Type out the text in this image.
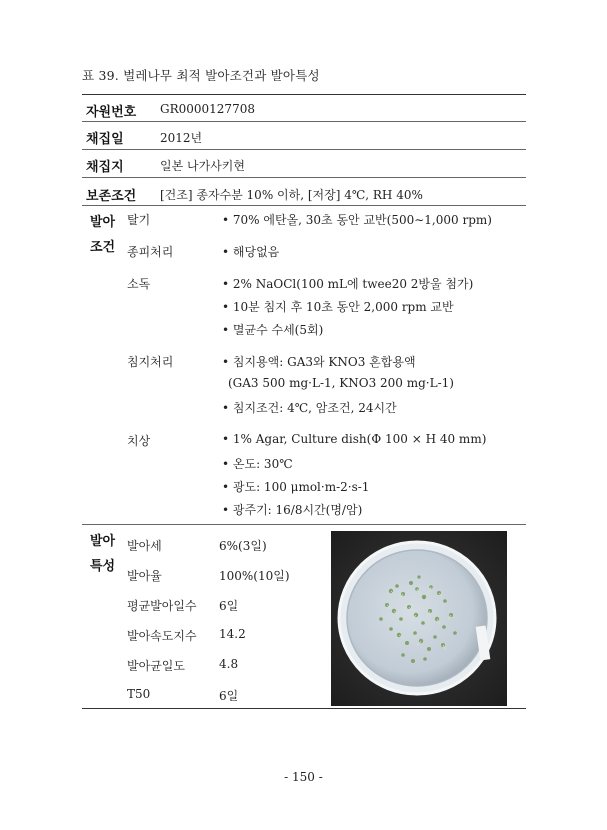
표 39. 벌레나무 최적 발아조건과 발아특성
자원번호 GR0000127708
채집일	2012년
채집지	일본 나가사키현
보존조건 [건조] 종자수분 10% 이하, [저장] 4℃, RH 40%
발아
조건
탈기	• 70% 에탄올, 30초 동안 교반(500∼1,000 rpm)
종피처리	• 해당없음
소독	• 2% NaOCl(100 mL에 twee20 2방울 첨가)
• 10분 침지 후 10초 동안 2,000 rpm 교반
• 멸균수 수세(5회)
침지처리	• 침지용액: GA3와 KNO3 혼합용액
(GA3 500 mg·L-1, KNO3 200 mg·L-1)
• 침지조건: 4℃, 암조건, 24시간
치상	• 1% Agar, Culture dish(Φ 100 × H 40 mm)
• 온도: 30℃
• 광도: 100 μmol·m-2·s-1
• 광주기: 16/8시간(명/암)
발아
특성
발아세	6%(3일)
발아율	100%(10일)
평균발아일수 6일
발아속도지수 14.2
발아균일도	4.8
T50	6일
- 150 -
